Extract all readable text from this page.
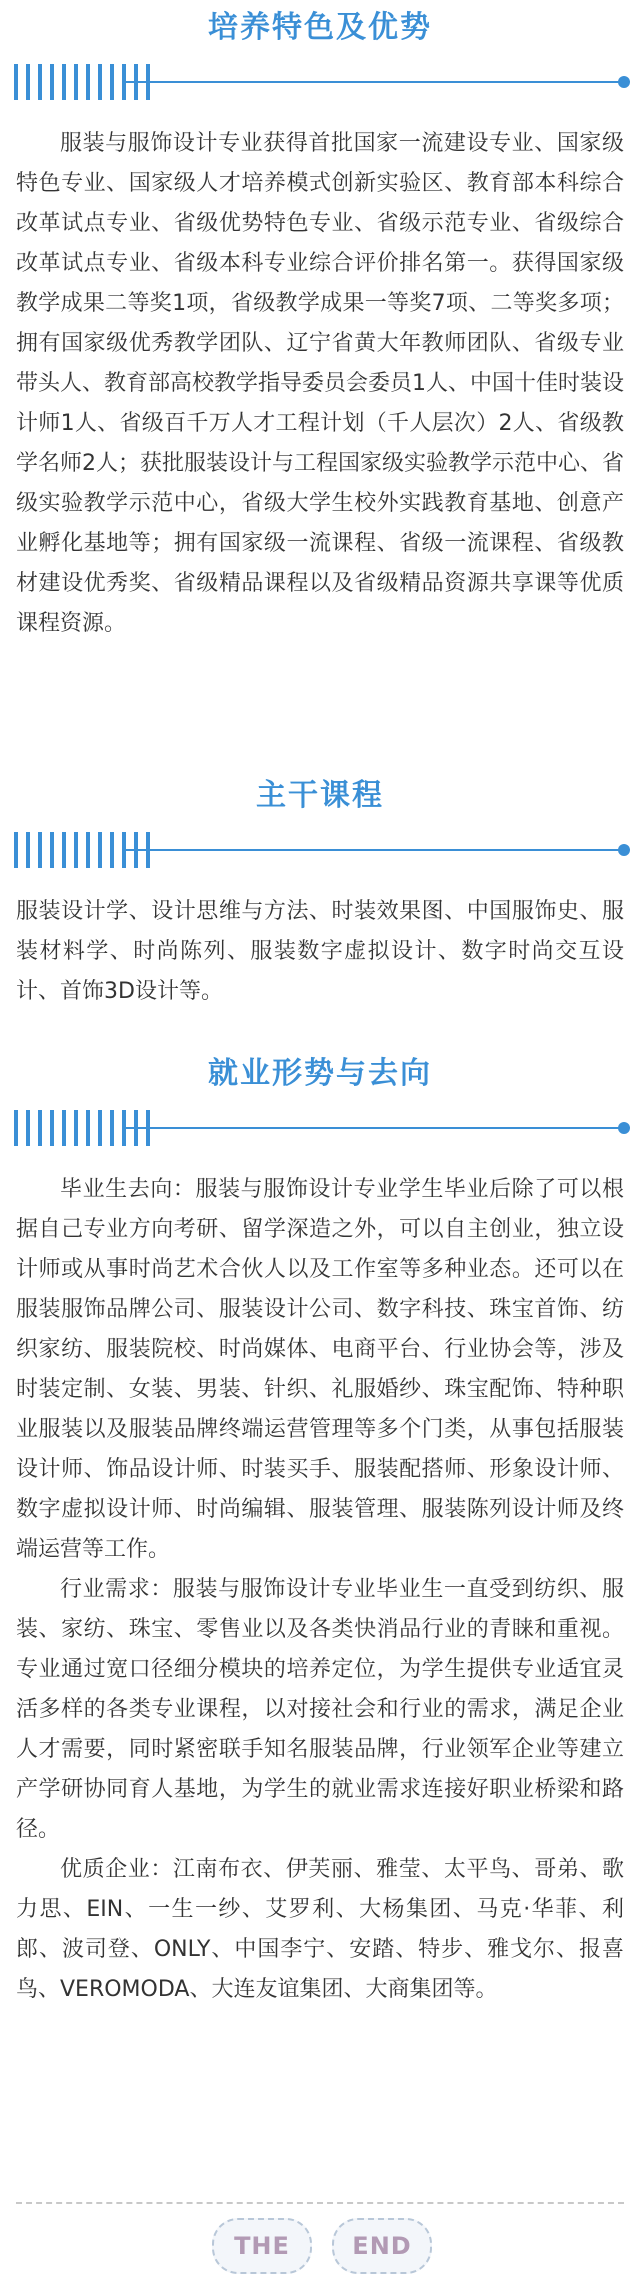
培养特色及优势

服装与服饰设计专业获得首批国家一流建设专业、国家级特色专业、国家级人才培养模式创新实验区、教育部本科综合改革试点专业、省级优势特色专业、省级示范专业、省级综合改革试点专业、省级本科专业综合评价排名第一。获得国家级教学成果二等奖1项，省级教学成果一等奖7项、二等奖多项；拥有国家级优秀教学团队、辽宁省黄大年教师团队、省级专业带头人、教育部高校教学指导委员会委员1人、中国十佳时装设计师1人、省级百千万人才工程计划（千人层次）2人、省级教学名师2人；获批服装设计与工程国家级实验教学示范中心、省级实验教学示范中心，省级大学生校外实践教育基地、创意产业孵化基地等；拥有国家级一流课程、省级一流课程、省级教材建设优秀奖、省级精品课程以及省级精品资源共享课等优质课程资源。

主干课程

服装设计学、设计思维与方法、时装效果图、中国服饰史、服装材料学、时尚陈列、服装数字虚拟设计、数字时尚交互设计、首饰3D设计等。

就业形势与去向

毕业生去向：服装与服饰设计专业学生毕业后除了可以根据自己专业方向考研、留学深造之外，可以自主创业，独立设计师或从事时尚艺术合伙人以及工作室等多种业态。还可以在服装服饰品牌公司、服装设计公司、数字科技、珠宝首饰、纺织家纺、服装院校、时尚媒体、电商平台、行业协会等，涉及时装定制、女装、男装、针织、礼服婚纱、珠宝配饰、特种职业服装以及服装品牌终端运营管理等多个门类，从事包括服装设计师、饰品设计师、时装买手、服装配搭师、形象设计师、数字虚拟设计师、时尚编辑、服装管理、服装陈列设计师及终端运营等工作。

行业需求：服装与服饰设计专业毕业生一直受到纺织、服装、家纺、珠宝、零售业以及各类快消品行业的青睐和重视。专业通过宽口径细分模块的培养定位，为学生提供专业适宜灵活多样的各类专业课程，以对接社会和行业的需求，满足企业人才需要，同时紧密联手知名服装品牌，行业领军企业等建立产学研协同育人基地，为学生的就业需求连接好职业桥梁和路径。

优质企业：江南布衣、伊芙丽、雅莹、太平鸟、哥弟、歌力思、EIN、一生一纱、艾罗利、大杨集团、马克·华菲、利郎、波司登、ONLY、中国李宁、安踏、特步、雅戈尔、报喜鸟、VEROMODA、大连友谊集团、大商集团等。

THE	END
